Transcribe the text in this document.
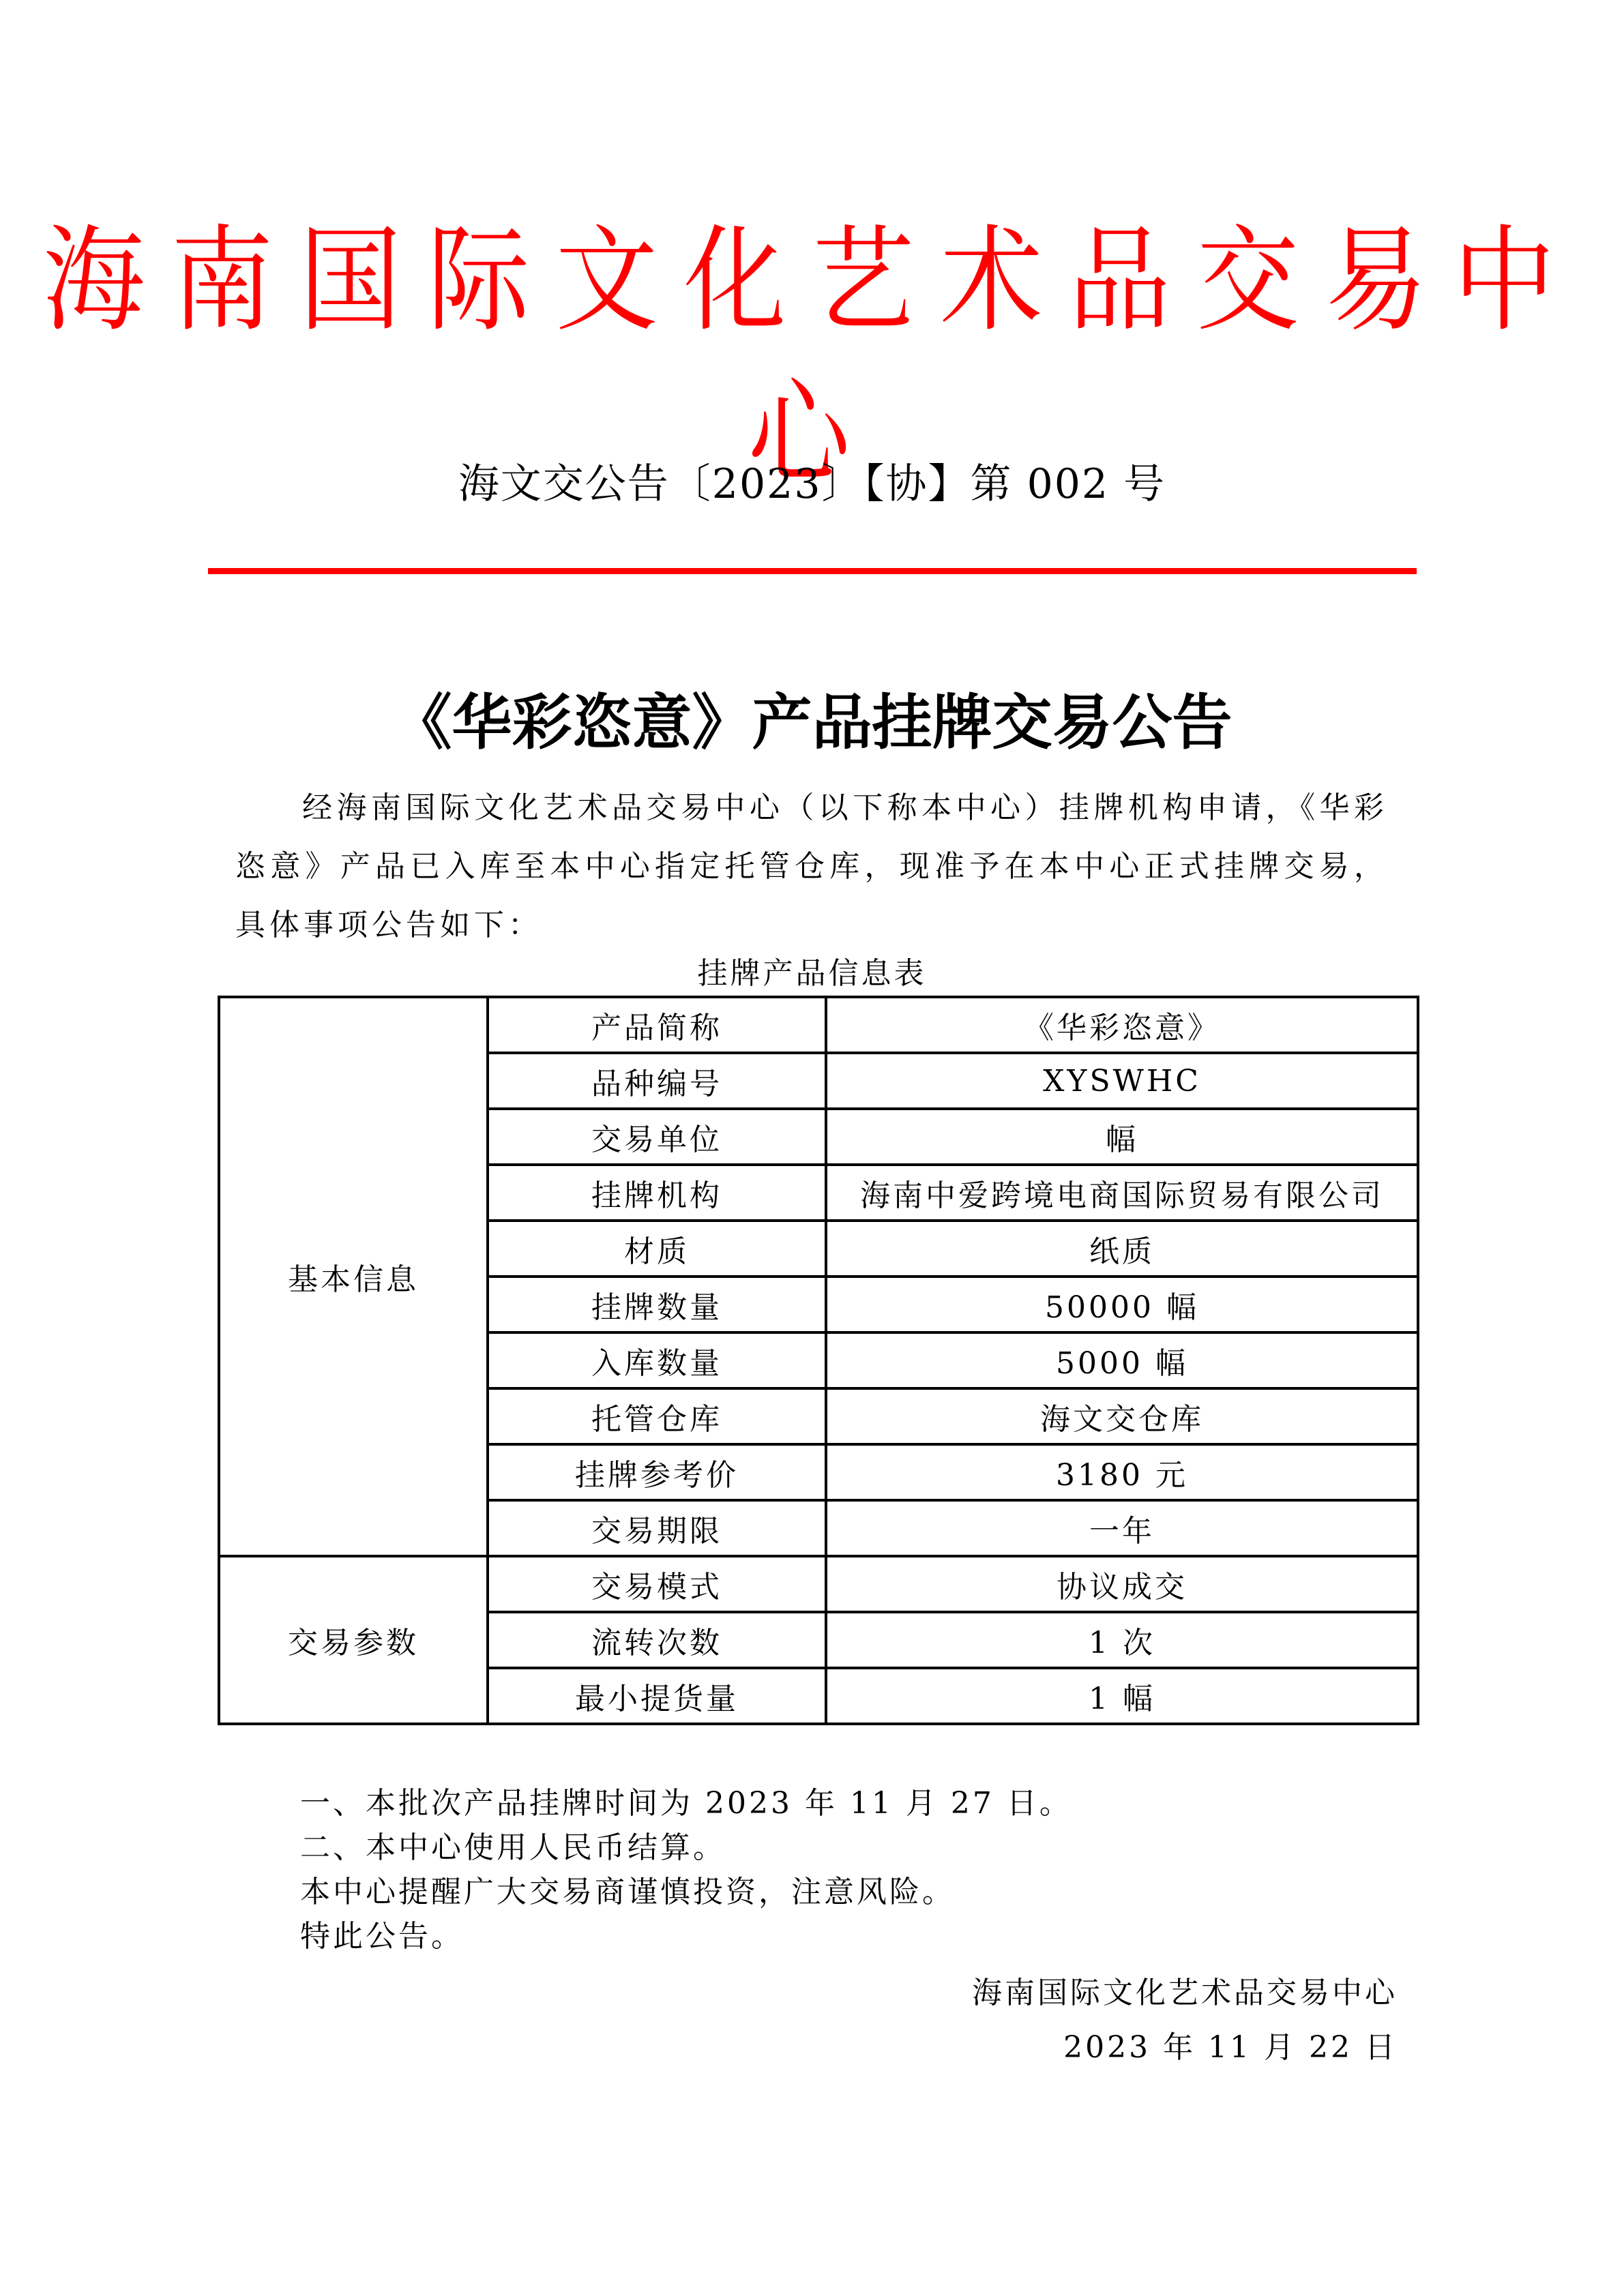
海南国际文化艺术品交易中心
海文交公告〔2023〕【协】第 002 号
《华彩恣意》产品挂牌交易公告
经海南国际文化艺术品交易中心（以下称本中心）挂牌机构申请，《华彩恣意》产品已入库至本中心指定托管仓库，现准予在本中心正式挂牌交易，具体事项公告如下：
挂牌产品信息表
基本信息	产品简称	《华彩恣意》
	品种编号	XYSWHC
	交易单位	幅
	挂牌机构	海南中爱跨境电商国际贸易有限公司
	材质	纸质
	挂牌数量	50000 幅
	入库数量	5000 幅
	托管仓库	海文交仓库
	挂牌参考价	3180 元
	交易期限	一年
交易参数	交易模式	协议成交
	流转次数	1 次
	最小提货量	1 幅
一、本批次产品挂牌时间为 2023 年 11 月 27 日。
二、本中心使用人民币结算。
本中心提醒广大交易商谨慎投资，注意风险。
特此公告。
海南国际文化艺术品交易中心
2023 年 11 月 22 日
